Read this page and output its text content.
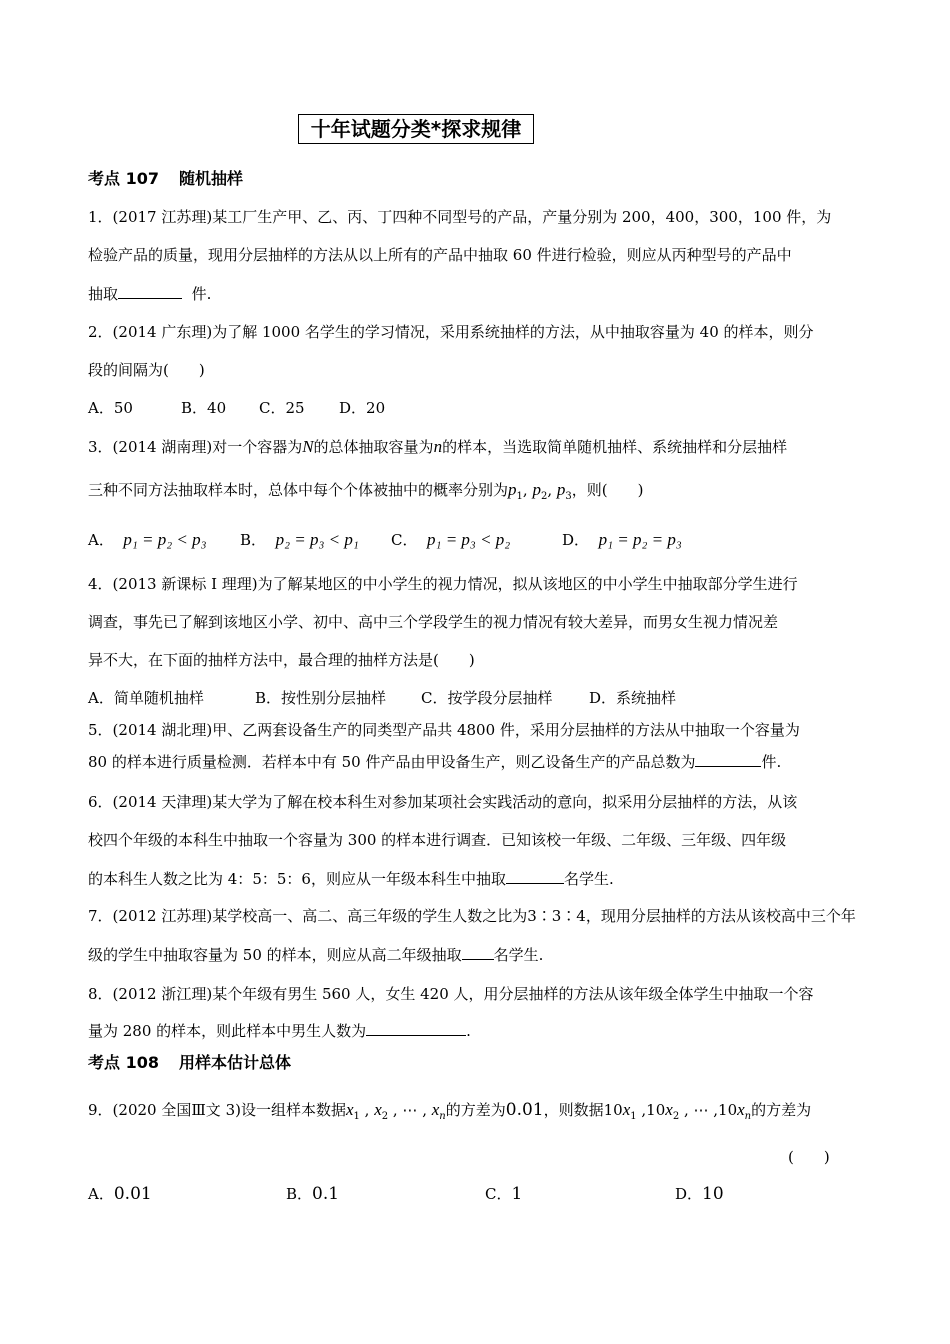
十年试题分类*探求规律
考点 107 随机抽样
1．(2017 江苏理)某工厂生产甲、乙、丙、丁四种不同型号的产品，产量分别为 200，400，300，100 件，为
检验产品的质量，现用分层抽样的方法从以上所有的产品中抽取 60 件进行检验，则应从丙种型号的产品中
抽取	件.
2．(2014 广东理)为了解 1000 名学生的学习情况，采用系统抽样的方法，从中抽取容量为 40 的样本，则分
段的间隔为(　　)
A．50	B．40 C．25 D．20
3．(2014 湖南理)对一个容器为N的总体抽取容量为n的样本，当选取简单随机抽样、系统抽样和分层抽样
三种不同方法抽取样本时，总体中每个个体被抽中的概率分别为$p_1$, $p_2$, $p_3$，则(　　)
A． p₁ = p₂ < p₃ B． p₂ = p₃ < p₁ C． p₁ = p₃ < p₂	D． p₁ = p₂ = p₃
4．(2013 新课标 I 理理)为了解某地区的中小学生的视力情况，拟从该地区的中小学生中抽取部分学生进行
调查，事先已了解到该地区小学、初中、高中三个学段学生的视力情况有较大差异，而男女生视力情况差
异不大，在下面的抽样方法中，最合理的抽样方法是(　　)
A．简单随机抽样	B．按性别分层抽样 C．按学段分层抽样 D．系统抽样
5．(2014 湖北理)甲、乙两套设备生产的同类型产品共 4800 件，采用分层抽样的方法从中抽取一个容量为
80 的样本进行质量检测．若样本中有 50 件产品由甲设备生产，则乙设备生产的产品总数为	件.
6．(2014 天津理)某大学为了解在校本科生对参加某项社会实践活动的意向，拟采用分层抽样的方法，从该
校四个年级的本科生中抽取一个容量为 300 的样本进行调查．已知该校一年级、二年级、三年级、四年级
的本科生人数之比为 4：5：5：6，则应从一年级本科生中抽取	名学生.
7．(2012 江苏理)某学校高一、高二、高三年级的学生人数之比为3∶3∶4，现用分层抽样的方法从该校高中三个年
级的学生中抽取容量为 50 的样本，则应从高二年级抽取 名学生.
8．(2012 浙江理)某个年级有男生 560 人，女生 420 人，用分层抽样的方法从该年级全体学生中抽取一个容
量为 280 的样本，则此样本中男生人数为	.
考点 108 用样本估计总体
9．(2020 全国Ⅲ文 3)设一组样本数据$x_1$ , $x_2$ , ⋯ , $x_n$的方差为0.01，则数据$10x_1$ $,10x_2$ , ⋯ $,10x_n$的方差为
(　　)
A．0.01	B．0.1	C．1	D．10
